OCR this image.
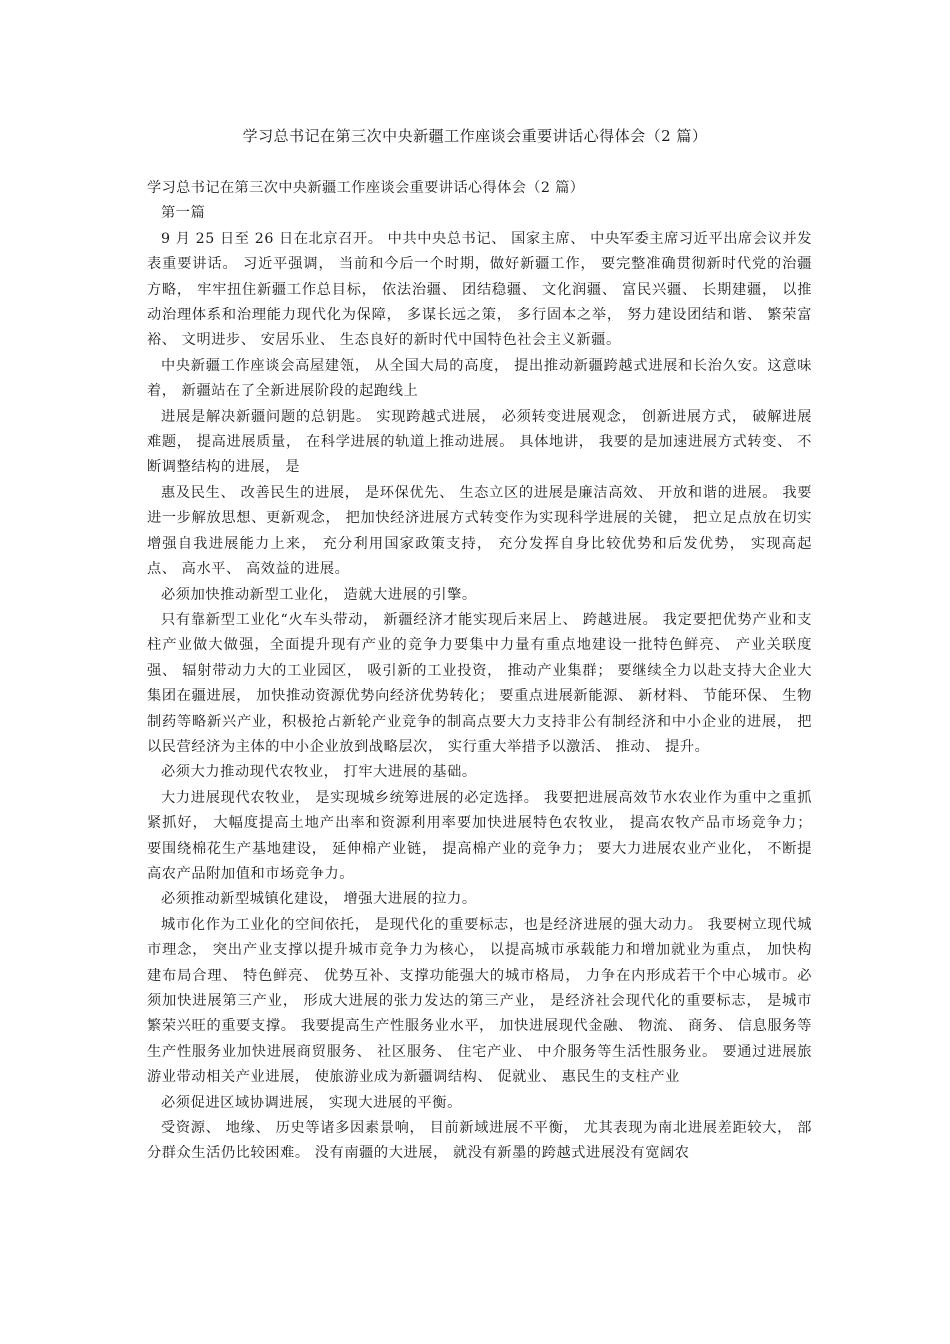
学习总书记在第三次中央新疆工作座谈会重要讲话心得体会（2 篇）

学习总书记在第三次中央新疆工作座谈会重要讲话心得体会（2 篇）

第一篇

9 月 25 日至 26 日在北京召开。 中共中央总书记、 国家主席、 中央军委主席习近平出席会议并发表重要讲话。 习近平强调， 当前和今后一个时期，做好新疆工作， 要完整准确贯彻新时代党的治疆方略， 牢牢扭住新疆工作总目标， 依法治疆、 团结稳疆、 文化润疆、 富民兴疆、 长期建疆， 以推动治理体系和治理能力现代化为保障， 多谋长远之策， 多行固本之举， 努力建设团结和谐、 繁荣富裕、 文明进步、 安居乐业、 生态良好的新时代中国特色社会主义新疆。

中央新疆工作座谈会高屋建瓴， 从全国大局的高度， 提出推动新疆跨越式进展和长治久安。这意味着， 新疆站在了全新进展阶段的起跑线上

进展是解决新疆问题的总钥匙。 实现跨越式进展， 必须转变进展观念， 创新进展方式， 破解进展难题， 提高进展质量， 在科学进展的轨道上推动进展。 具体地讲， 我要的是加速进展方式转变、 不断调整结构的进展， 是

惠及民生、 改善民生的进展， 是环保优先、 生态立区的进展是廉洁高效、 开放和谐的进展。 我要进一步解放思想、更新观念， 把加快经济进展方式转变作为实现科学进展的关键， 把立足点放在切实增强自我进展能力上来， 充分利用国家政策支持， 充分发挥自身比较优势和后发优势， 实现高起点、 高水平、 高效益的进展。

必须加快推动新型工业化， 造就大进展的引擎。

只有靠新型工业化“火车头带动， 新疆经济才能实现后来居上、 跨越进展。 我定要把优势产业和支柱产业做大做强，全面提升现有产业的竞争力要集中力量有重点地建设一批特色鲜亮、 产业关联度强、 辐射带动力大的工业园区， 吸引新的工业投资， 推动产业集群； 要继续全力以赴支持大企业大集团在疆进展， 加快推动资源优势向经济优势转化； 要重点进展新能源、 新材料、 节能环保、 生物制药等略新兴产业，积极抢占新轮产业竞争的制高点要大力支持非公有制经济和中小企业的进展， 把以民营经济为主体的中小企业放到战略层次， 实行重大举措予以激活、 推动、 提升。

必须大力推动现代农牧业， 打牢大进展的基础。

大力进展现代农牧业， 是实现城乡统筹进展的必定选择。 我要把进展高效节水农业作为重中之重抓紧抓好， 大幅度提高土地产出率和资源利用率要加快进展特色农牧业， 提高农牧产品市场竞争力； 要围绕棉花生产基地建设， 延伸棉产业链， 提高棉产业的竞争力； 要大力进展农业产业化， 不断提高农产品附加值和市场竞争力。

必须推动新型城镇化建设， 增强大进展的拉力。

城市化作为工业化的空间依托， 是现代化的重要标志，也是经济进展的强大动力。 我要树立现代城市理念， 突出产业支撑以提升城市竞争力为核心， 以提高城市承载能力和增加就业为重点， 加快构建布局合理、 特色鲜亮、 优势互补、支撑功能强大的城市格局， 力争在内形成若干个中心城市。必须加快进展第三产业， 形成大进展的张力发达的第三产业， 是经济社会现代化的重要标志， 是城市繁荣兴旺的重要支撑。 我要提高生产性服务业水平， 加快进展现代金融、 物流、 商务、 信息服务等生产性服务业加快进展商贸服务、 社区服务、 住宅产业、 中介服务等生活性服务业。 要通过进展旅游业带动相关产业进展， 使旅游业成为新疆调结构、 促就业、 惠民生的支柱产业

必须促进区域协调进展， 实现大进展的平衡。

受资源、 地缘、 历史等诸多因素景响， 目前新域进展不平衡， 尤其表现为南北进展差距较大， 部分群众生活仍比较困难。 没有南疆的大进展， 就没有新墨的跨越式进展没有宽阔农
